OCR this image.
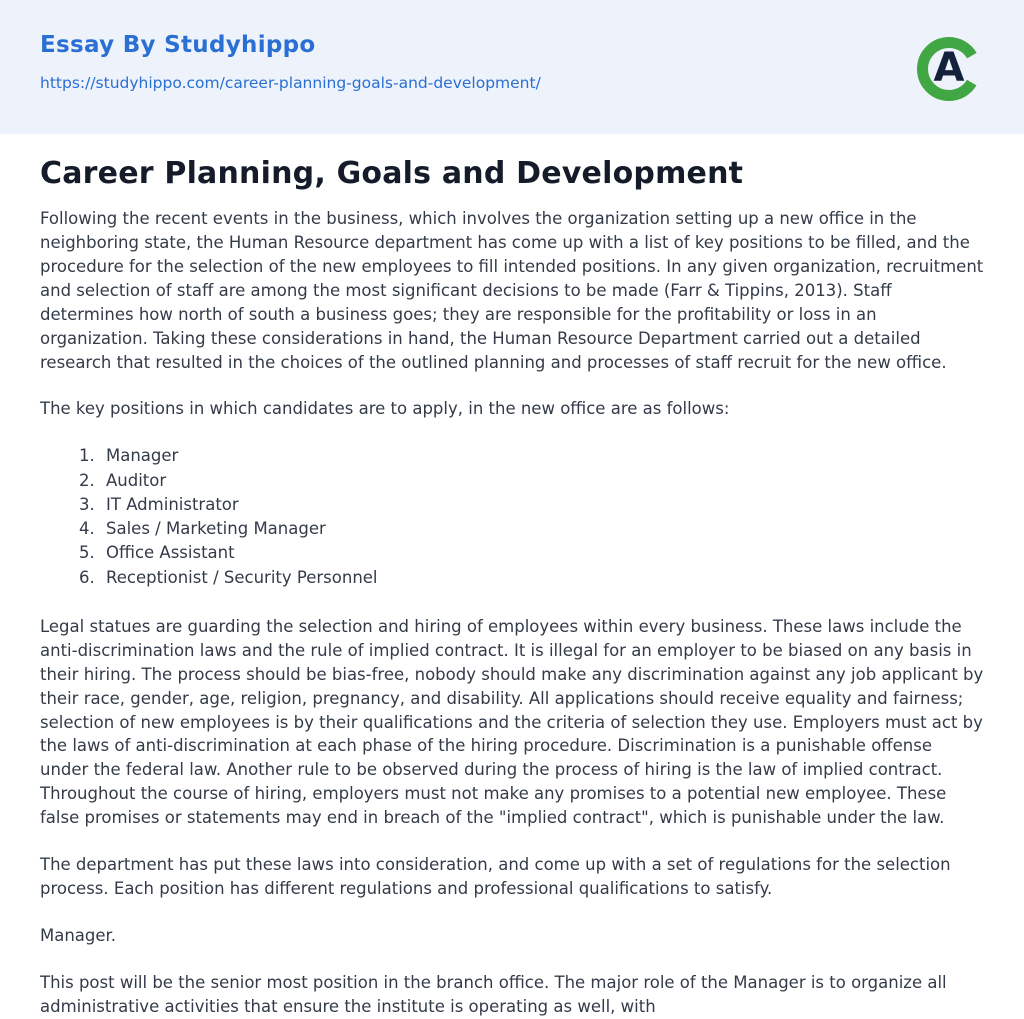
Essay By Studyhippo
https://studyhippo.com/career-planning-goals-and-development/	A
Career Planning, Goals and Development

Following the recent events in the business, which involves the organization setting up a new office in the neighboring state, the Human Resource department has come up with a list of key positions to be filled, and the procedure for the selection of the new employees to fill intended positions. In any given organization, recruitment and selection of staff are among the most significant decisions to be made (Farr & Tippins, 2013). Staff determines how north of south a business goes; they are responsible for the profitability or loss in an organization. Taking these considerations in hand, the Human Resource Department carried out a detailed research that resulted in the choices of the outlined planning and processes of staff recruit for the new office.

The key positions in which candidates are to apply, in the new office are as follows:

1. Manager
2. Auditor
3. IT Administrator
4. Sales / Marketing Manager
5. Office Assistant
6. Receptionist / Security Personnel

Legal statues are guarding the selection and hiring of employees within every business. These laws include the anti-discrimination laws and the rule of implied contract. It is illegal for an employer to be biased on any basis in their hiring. The process should be bias-free, nobody should make any discrimination against any job applicant by their race, gender, age, religion, pregnancy, and disability. All applications should receive equality and fairness; selection of new employees is by their qualifications and the criteria of selection they use. Employers must act by the laws of anti-discrimination at each phase of the hiring procedure. Discrimination is a punishable offense under the federal law. Another rule to be observed during the process of hiring is the law of implied contract. Throughout the course of hiring, employers must not make any promises to a potential new employee. These false promises or statements may end in breach of the "implied contract", which is punishable under the law.

The department has put these laws into consideration, and come up with a set of regulations for the selection process. Each position has different regulations and professional qualifications to satisfy.

Manager.

This post will be the senior most position in the branch office. The major role of the Manager is to organize all administrative activities that ensure the institute is operating as well, with
